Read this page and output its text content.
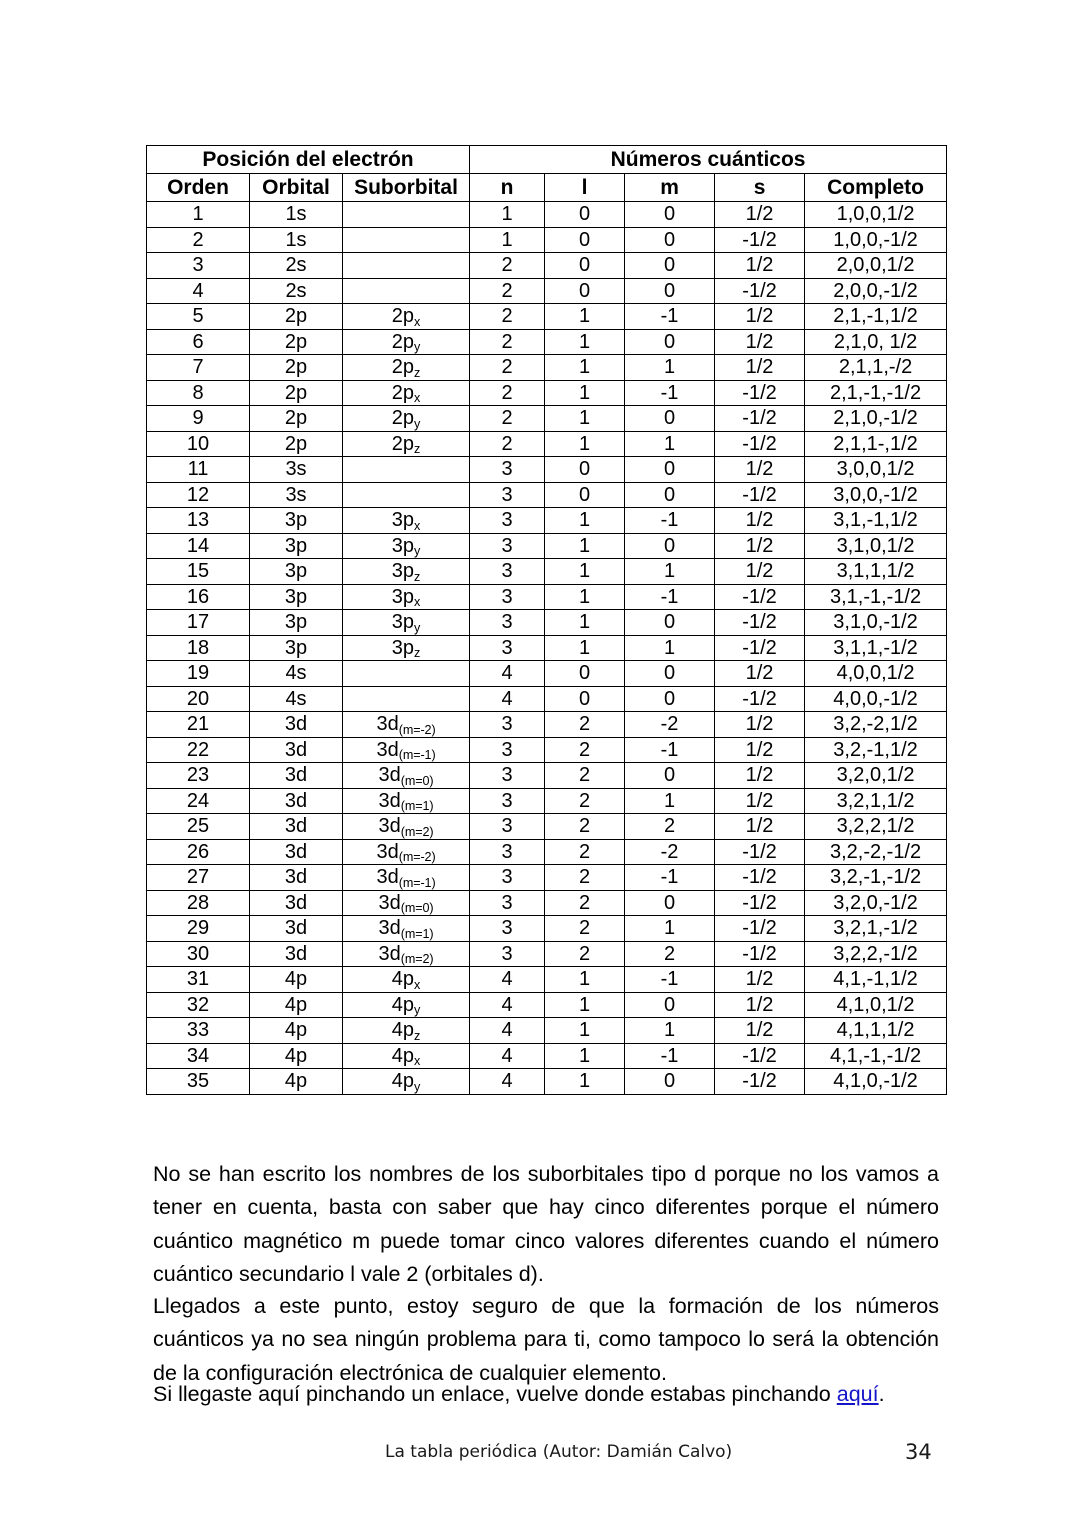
Posición del electrón			Números cuánticos				
Orden	Orbital	Suborbital	n	l	m	s	Completo
1	1s		1	0	0	1/2	1,0,0,1/2
2	1s		1	0	0	-1/2	1,0,0,-1/2
3	2s		2	0	0	1/2	2,0,0,1/2
4	2s		2	0	0	-1/2	2,0,0,-1/2
5	2p	2px	2	1	-1	1/2	2,1,-1,1/2
6	2p	2py	2	1	0	1/2	2,1,0, 1/2
7	2p	2pz	2	1	1	1/2	2,1,1,-/2
8	2p	2px	2	1	-1	-1/2	2,1,-1,-1/2
9	2p	2py	2	1	0	-1/2	2,1,0,-1/2
10	2p	2pz	2	1	1	-1/2	2,1,1-,1/2
11	3s		3	0	0	1/2	3,0,0,1/2
12	3s		3	0	0	-1/2	3,0,0,-1/2
13	3p	3px	3	1	-1	1/2	3,1,-1,1/2
14	3p	3py	3	1	0	1/2	3,1,0,1/2
15	3p	3pz	3	1	1	1/2	3,1,1,1/2
16	3p	3px	3	1	-1	-1/2	3,1,-1,-1/2
17	3p	3py	3	1	0	-1/2	3,1,0,-1/2
18	3p	3pz	3	1	1	-1/2	3,1,1,-1/2
19	4s		4	0	0	1/2	4,0,0,1/2
20	4s		4	0	0	-1/2	4,0,0,-1/2
21	3d	3d(m=-2)	3	2	-2	1/2	3,2,-2,1/2
22	3d	3d(m=-1)	3	2	-1	1/2	3,2,-1,1/2
23	3d	3d(m=0)	3	2	0	1/2	3,2,0,1/2
24	3d	3d(m=1)	3	2	1	1/2	3,2,1,1/2
25	3d	3d(m=2)	3	2	2	1/2	3,2,2,1/2
26	3d	3d(m=-2)	3	2	-2	-1/2	3,2,-2,-1/2
27	3d	3d(m=-1)	3	2	-1	-1/2	3,2,-1,-1/2
28	3d	3d(m=0)	3	2	0	-1/2	3,2,0,-1/2
29	3d	3d(m=1)	3	2	1	-1/2	3,2,1,-1/2
30	3d	3d(m=2)	3	2	2	-1/2	3,2,2,-1/2
31	4p	4px	4	1	-1	1/2	4,1,-1,1/2
32	4p	4py	4	1	0	1/2	4,1,0,1/2
33	4p	4pz	4	1	1	1/2	4,1,1,1/2
34	4p	4px	4	1	-1	-1/2	4,1,-1,-1/2
35	4p	4py	4	1	0	-1/2	4,1,0,-1/2

No se han escrito los nombres de los suborbitales tipo d porque no los vamos a tener en cuenta, basta con saber que hay cinco diferentes porque el número cuántico magnético m puede tomar cinco valores diferentes cuando el número cuántico secundario l vale 2 (orbitales d).

Llegados a este punto, estoy seguro de que la formación de los números cuánticos ya no sea ningún problema para ti, como tampoco lo será la obtención de la configuración electrónica de cualquier elemento.

Si llegaste aquí pinchando un enlace, vuelve donde estabas pinchando aquí.

La tabla periódica (Autor: Damián Calvo)	34
